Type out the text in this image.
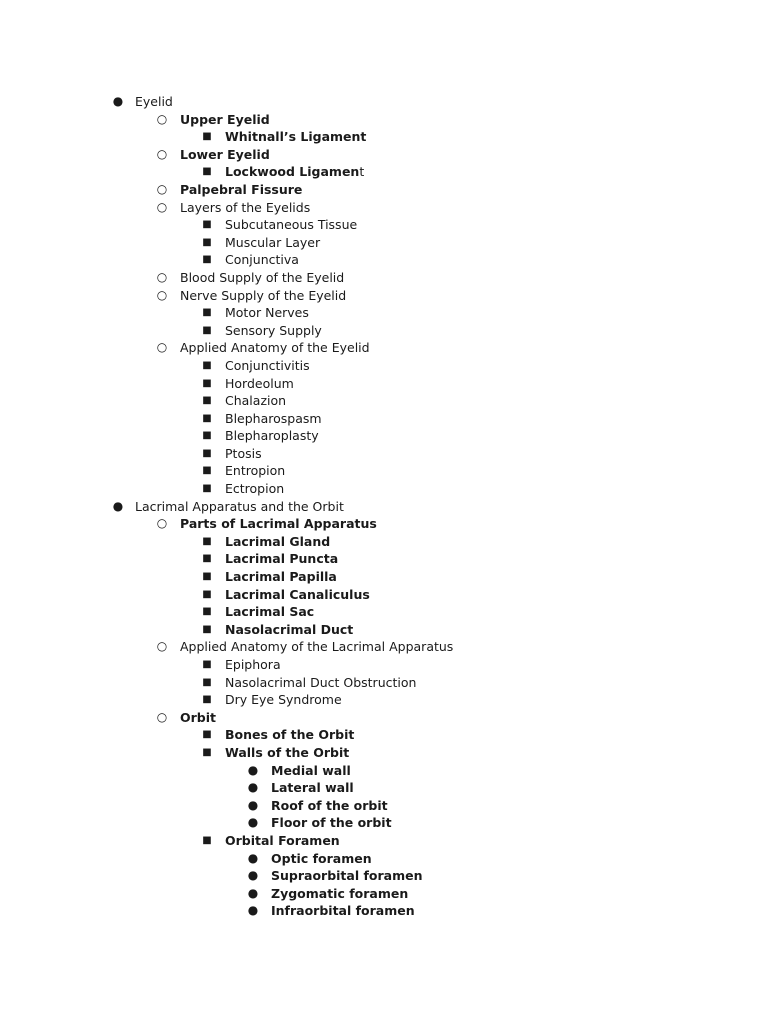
● Eyelid
○ Upper Eyelid
■ Whitnall’s Ligament
○ Lower Eyelid
■ Lockwood Ligament
○ Palpebral Fissure
○ Layers of the Eyelids
■ Subcutaneous Tissue
■ Muscular Layer
■ Conjunctiva
○ Blood Supply of the Eyelid
○ Nerve Supply of the Eyelid
■ Motor Nerves
■ Sensory Supply
○ Applied Anatomy of the Eyelid
■ Conjunctivitis
■ Hordeolum
■ Chalazion
■ Blepharospasm
■ Blepharoplasty
■ Ptosis
■ Entropion
■ Ectropion
● Lacrimal Apparatus and the Orbit
○ Parts of Lacrimal Apparatus
■ Lacrimal Gland
■ Lacrimal Puncta
■ Lacrimal Papilla
■ Lacrimal Canaliculus
■ Lacrimal Sac
■ Nasolacrimal Duct
○ Applied Anatomy of the Lacrimal Apparatus
■ Epiphora
■ Nasolacrimal Duct Obstruction
■ Dry Eye Syndrome
○ Orbit
■ Bones of the Orbit
■ Walls of the Orbit
● Medial wall
● Lateral wall
● Roof of the orbit
● Floor of the orbit
■ Orbital Foramen
● Optic foramen
● Supraorbital foramen
● Zygomatic foramen
● Infraorbital foramen
